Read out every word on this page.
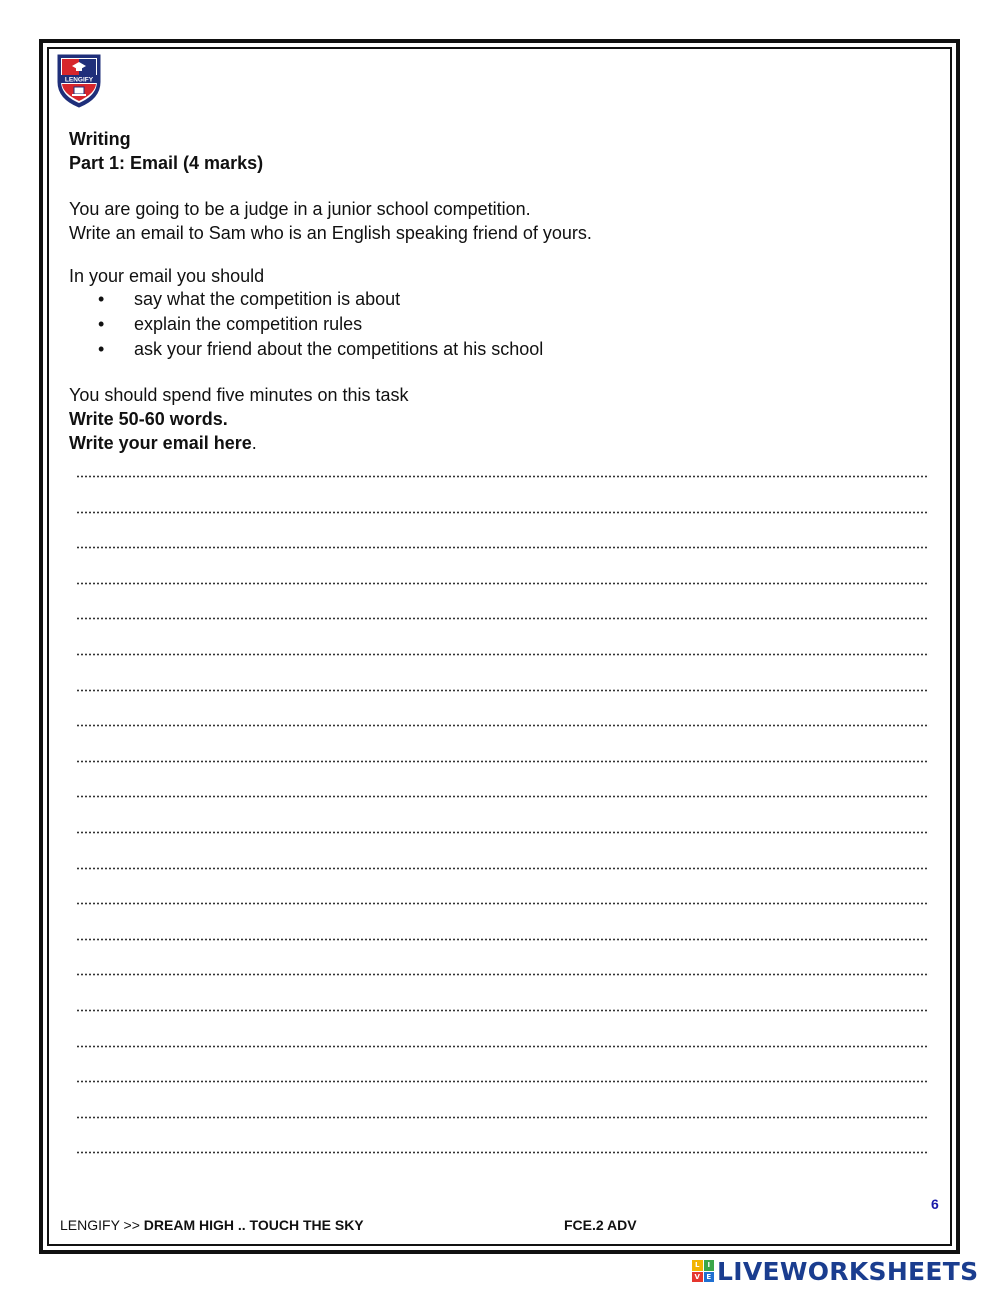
LENGIFY
Writing
Part 1: Email (4 marks)
You are going to be a judge in a junior school competition.
Write an email to Sam who is an English speaking friend of yours.
In your email you should
• say what the competition is about
• explain the competition rules
• ask your friend about the competitions at his school
You should spend five minutes on this task
Write 50-60 words.
Write your email here.
6
LENGIFY >> DREAM HIGH .. TOUCH THE SKY	FCE.2 ADV
L	I
V E LIVEWORKSHEETS
